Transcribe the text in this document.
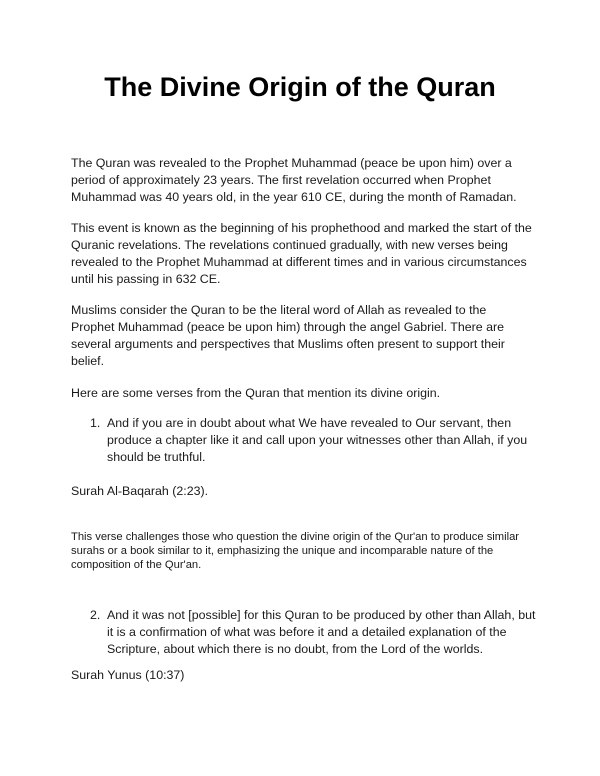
The Divine Origin of the Quran
The Quran was revealed to the Prophet Muhammad (peace be upon him) over a period of approximately 23 years. The first revelation occurred when Prophet Muhammad was 40 years old, in the year 610 CE, during the month of Ramadan.
This event is known as the beginning of his prophethood and marked the start of the Quranic revelations. The revelations continued gradually, with new verses being revealed to the Prophet Muhammad at different times and in various circumstances until his passing in 632 CE.
Muslims consider the Quran to be the literal word of Allah as revealed to the Prophet Muhammad (peace be upon him) through the angel Gabriel. There are several arguments and perspectives that Muslims often present to support their belief.
Here are some verses from the Quran that mention its divine origin.
1. And if you are in doubt about what We have revealed to Our servant, then produce a chapter like it and call upon your witnesses other than Allah, if you should be truthful.
Surah Al-Baqarah (2:23).
This verse challenges those who question the divine origin of the Qur'an to produce similar surahs or a book similar to it, emphasizing the unique and incomparable nature of the composition of the Qur'an.
2. And it was not [possible] for this Quran to be produced by other than Allah, but it is a confirmation of what was before it and a detailed explanation of the Scripture, about which there is no doubt, from the Lord of the worlds.
Surah Yunus (10:37)
